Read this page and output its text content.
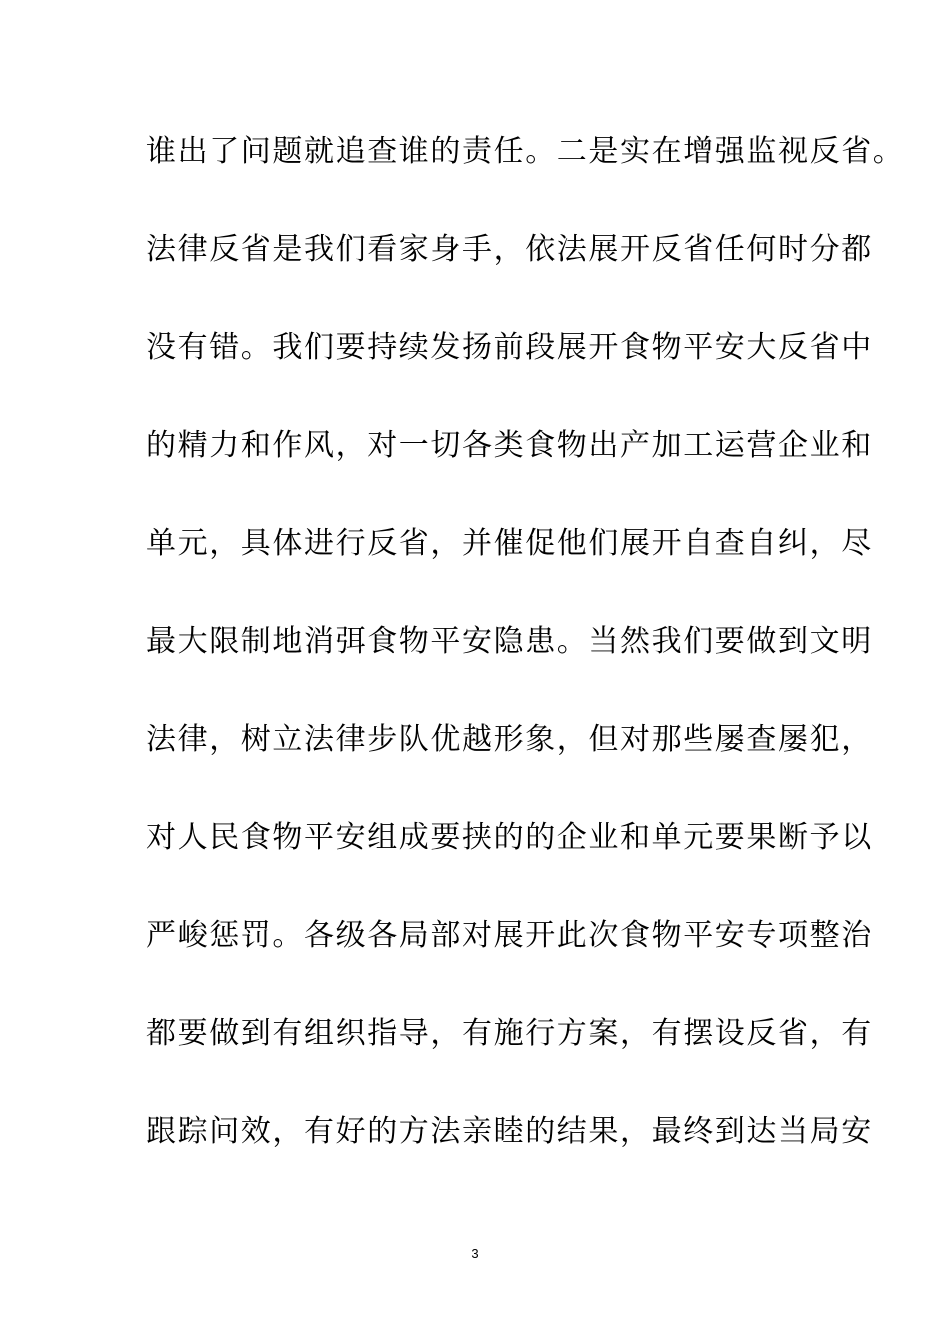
谁出了问题就追查谁的责任。二是实在增强监视反省。
法律反省是我们看家身手，依法展开反省任何时分都
没有错。我们要持续发扬前段展开食物平安大反省中
的精力和作风，对一切各类食物出产加工运营企业和
单元，具体进行反省，并催促他们展开自查自纠，尽
最大限制地消弭食物平安隐患。当然我们要做到文明
法律，树立法律步队优越形象，但对那些屡查屡犯，
对人民食物平安组成要挟的的企业和单元要果断予以
严峻惩罚。各级各局部对展开此次食物平安专项整治
都要做到有组织指导，有施行方案，有摆设反省，有
跟踪问效，有好的方法亲睦的结果，最终到达当局安
3
